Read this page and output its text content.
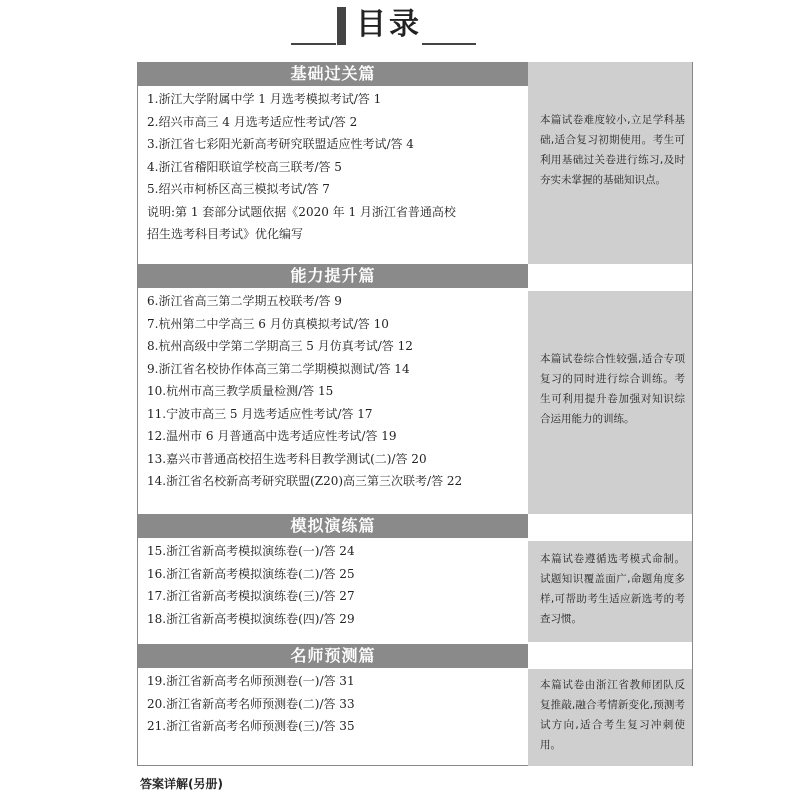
目录
基础过关篇
1.浙江大学附属中学 1 月选考模拟考试/答 1
2.绍兴市高三 4 月选考适应性考试/答 2
3.浙江省七彩阳光新高考研究联盟适应性考试/答 4
4.浙江省稽阳联谊学校高三联考/答 5
5.绍兴市柯桥区高三模拟考试/答 7
说明:第 1 套部分试题依据《2020 年 1 月浙江省普通高校
招生选考科目考试》优化编写
本篇试卷难度较小,立足学科基础,适合复习初期使用。考生可利用基础过关卷进行练习,及时夯实未掌握的基础知识点。
能力提升篇
6.浙江省高三第二学期五校联考/答 9
7.杭州第二中学高三 6 月仿真模拟考试/答 10
8.杭州高级中学第二学期高三 5 月仿真考试/答 12
9.浙江省名校协作体高三第二学期模拟测试/答 14
10.杭州市高三教学质量检测/答 15
11.宁波市高三 5 月选考适应性考试/答 17
12.温州市 6 月普通高中选考适应性考试/答 19
13.嘉兴市普通高校招生选考科目教学测试(二)/答 20
14.浙江省名校新高考研究联盟(Z20)高三第三次联考/答 22
本篇试卷综合性较强,适合专项复习的同时进行综合训练。考生可利用提升卷加强对知识综合运用能力的训练。
模拟演练篇
15.浙江省新高考模拟演练卷(一)/答 24
16.浙江省新高考模拟演练卷(二)/答 25
17.浙江省新高考模拟演练卷(三)/答 27
18.浙江省新高考模拟演练卷(四)/答 29
本篇试卷遵循选考模式命制。试题知识覆盖面广,命题角度多样,可帮助考生适应新选考的考查习惯。
名师预测篇
19.浙江省新高考名师预测卷(一)/答 31
20.浙江省新高考名师预测卷(二)/答 33
21.浙江省新高考名师预测卷(三)/答 35
本篇试卷由浙江省教师团队反复推敲,融合考情新变化,预测考试方向,适合考生复习冲刺使用。
答案详解(另册)
